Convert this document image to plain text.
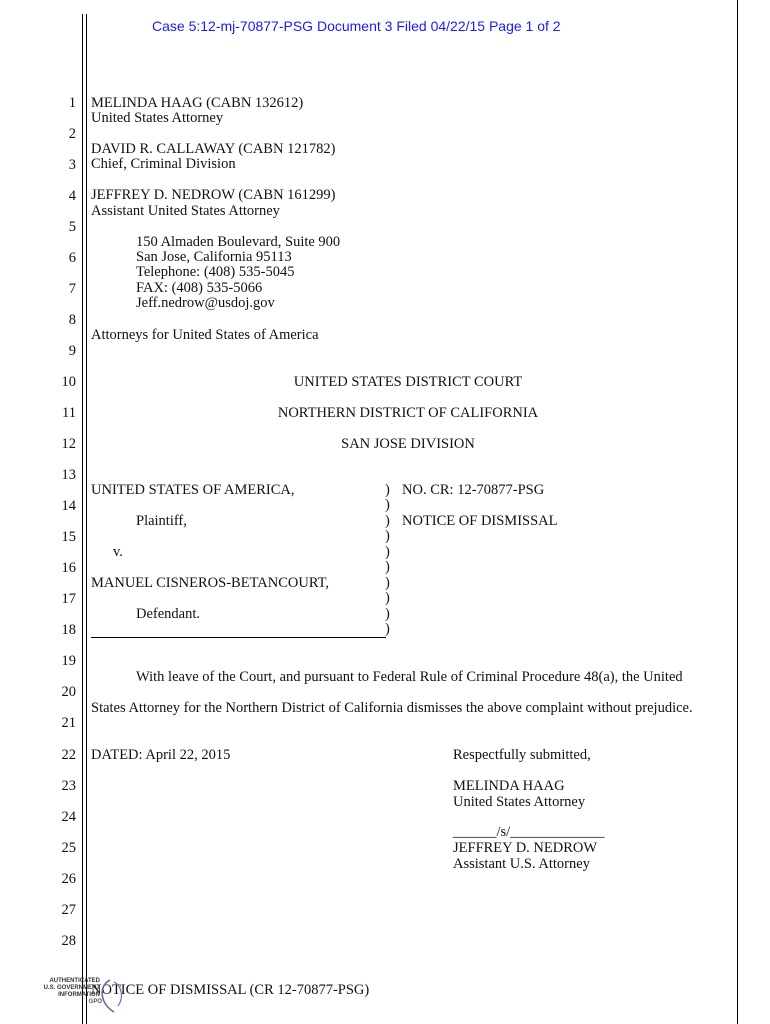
Case 5:12-mj-70877-PSG Document 3 Filed 04/22/15 Page 1 of 2
1
2
3
4
5
6
7
8
9
10
11
12
13
14
15
16
17
18
19
20
21
22
23
24
25
26
27
28
MELINDA HAAG (CABN 132612)
United States Attorney
DAVID R. CALLAWAY (CABN 121782)
Chief, Criminal Division
JEFFREY D. NEDROW (CABN 161299)
Assistant United States Attorney
150 Almaden Boulevard, Suite 900
San Jose, California 95113
Telephone: (408) 535-5045
FAX: (408) 535-5066
Jeff.nedrow@usdoj.gov
Attorneys for United States of America
UNITED STATES DISTRICT COURT
NORTHERN DISTRICT OF CALIFORNIA
SAN JOSE DIVISION
UNITED STATES OF AMERICA,
Plaintiff,
v.
MANUEL CISNEROS-BETANCOURT,
Defendant.
)
)
)
)
)
)
)
)
)
)
NO. CR: 12-70877-PSG
NOTICE OF DISMISSAL
With leave of the Court, and pursuant to Federal Rule of Criminal Procedure 48(a), the United
States Attorney for the Northern District of California dismisses the above complaint without prejudice.
DATED: April 22, 2015	Respectfully submitted,
MELINDA HAAG
United States Attorney
______/s/_____________
JEFFREY D. NEDROW
Assistant U.S. Attorney
NOTICE OF DISMISSAL (CR 12-70877-PSG)
AUTHENTICATED
U.S. GOVERNMENT
INFORMATION
GPO
